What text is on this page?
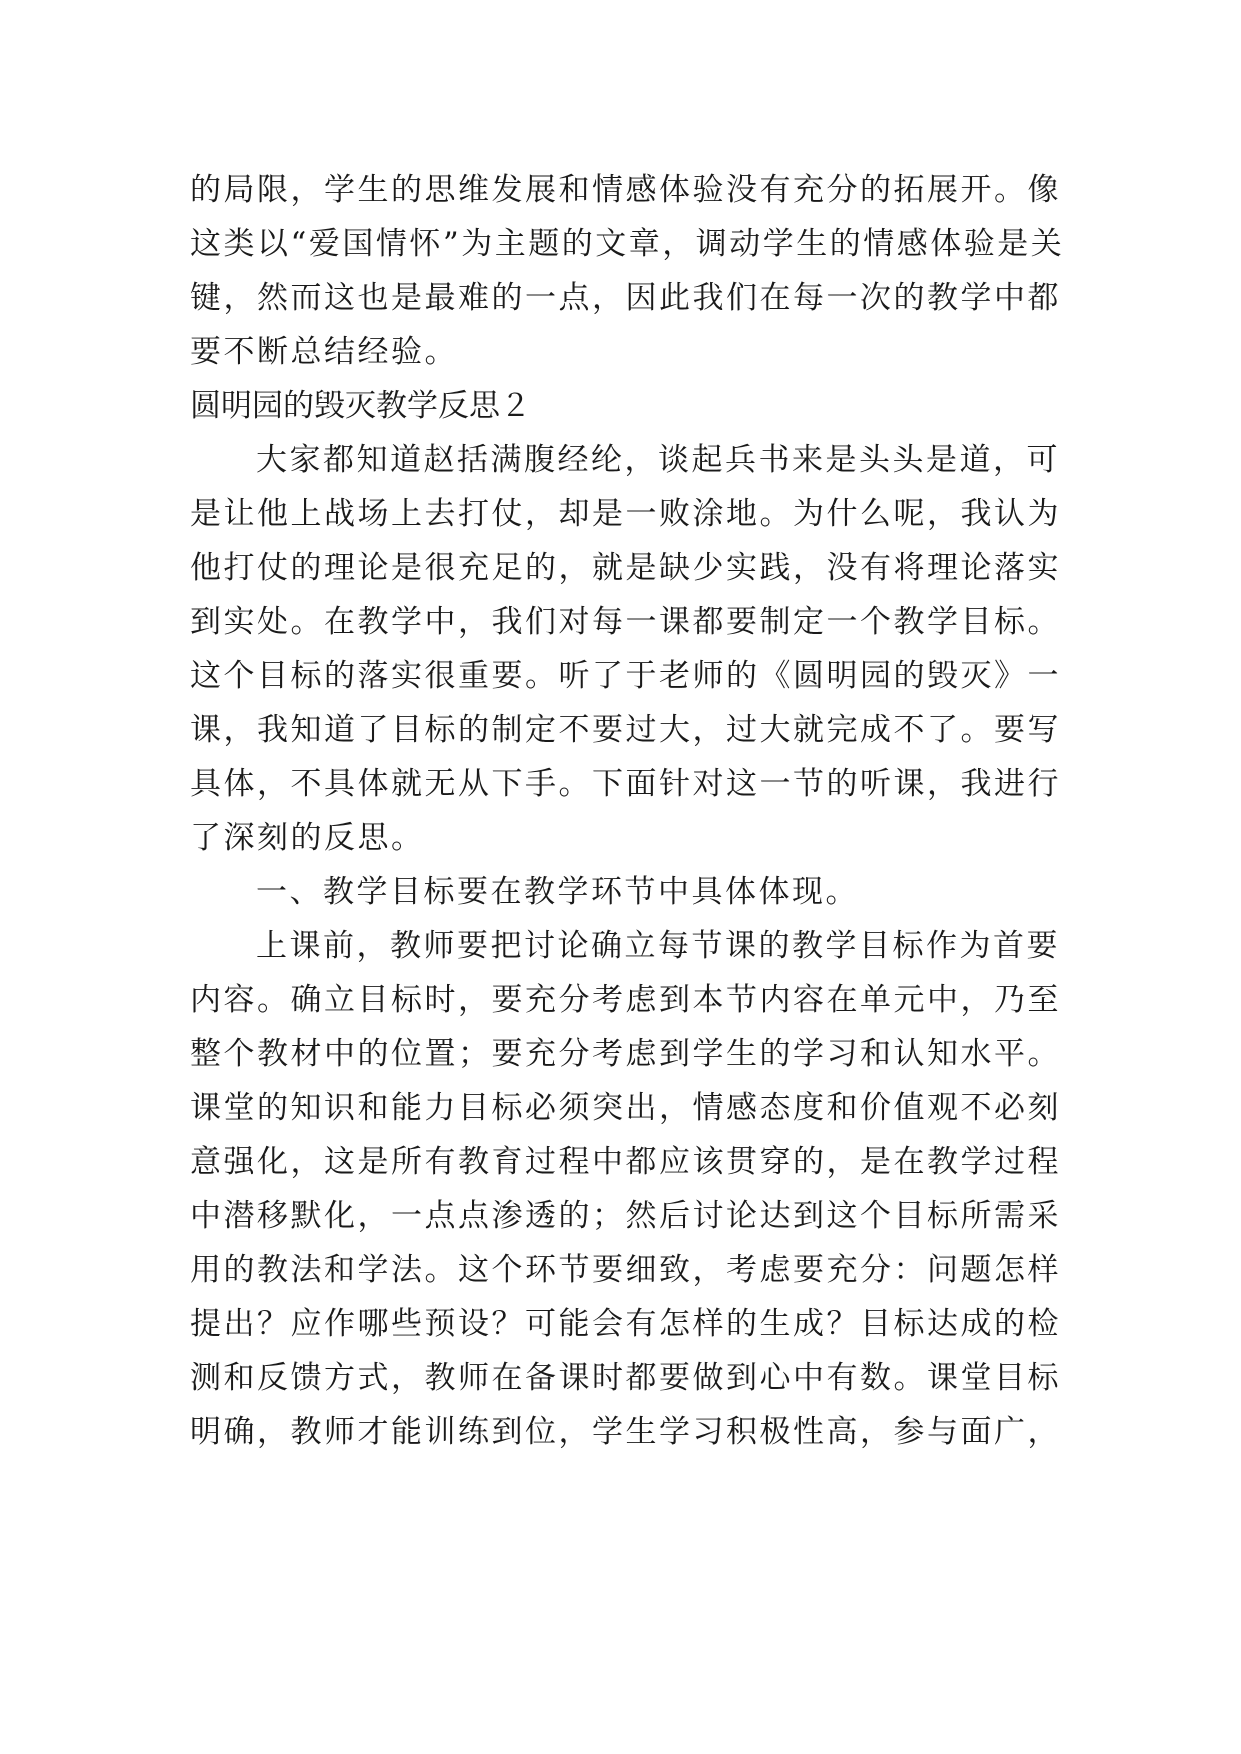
的局限，学生的思维发展和情感体验没有充分的拓展开。像这类以“爱国情怀”为主题的文章，调动学生的情感体验是关键，然而这也是最难的一点，因此我们在每一次的教学中都要不断总结经验。

圆明园的毁灭教学反思２

大家都知道赵括满腹经纶，谈起兵书来是头头是道，可是让他上战场上去打仗，却是一败涂地。为什么呢，我认为他打仗的理论是很充足的，就是缺少实践，没有将理论落实到实处。在教学中，我们对每一课都要制定一个教学目标。这个目标的落实很重要。听了于老师的《圆明园的毁灭》一课，我知道了目标的制定不要过大，过大就完成不了。要写具体，不具体就无从下手。下面针对这一节的听课，我进行了深刻的反思。

一、教学目标要在教学环节中具体体现。

上课前，教师要把讨论确立每节课的教学目标作为首要内容。确立目标时，要充分考虑到本节内容在单元中，乃至整个教材中的位置；要充分考虑到学生的学习和认知水平。课堂的知识和能力目标必须突出，情感态度和价值观不必刻意强化，这是所有教育过程中都应该贯穿的，是在教学过程中潜移默化，一点点渗透的；然后讨论达到这个目标所需采用的教法和学法。这个环节要细致，考虑要充分：问题怎样提出？应作哪些预设？可能会有怎样的生成？目标达成的检测和反馈方式，教师在备课时都要做到心中有数。课堂目标明确，教师才能训练到位，学生学习积极性高，参与面广，
